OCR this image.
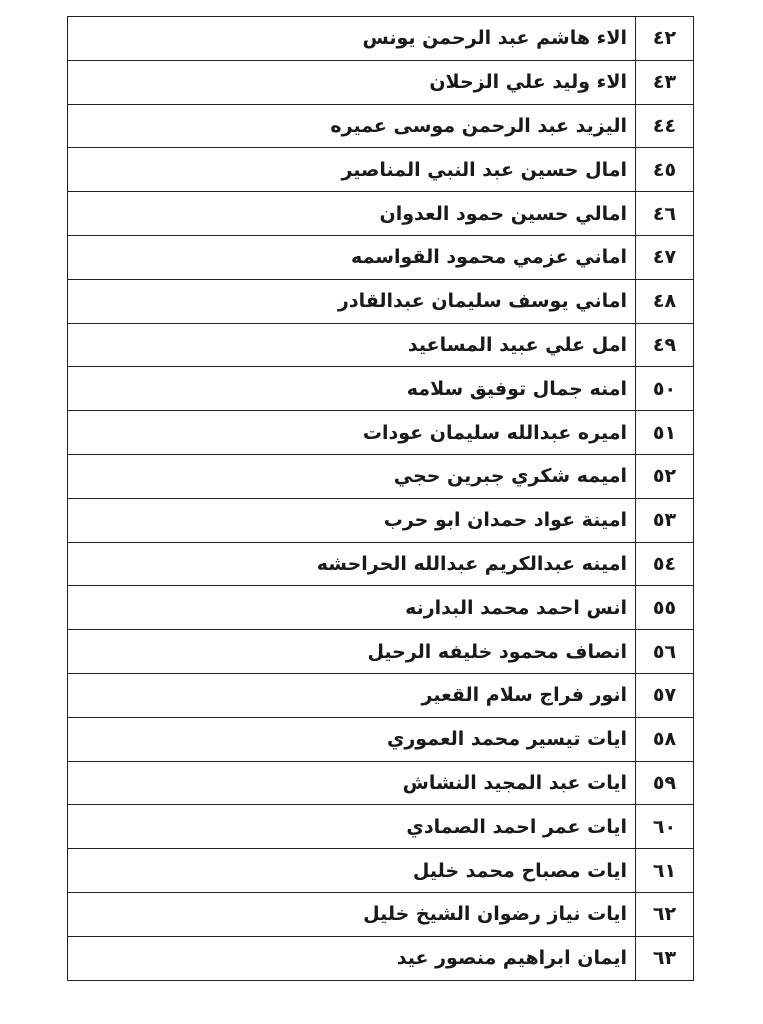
الاء هاشم عبد الرحمن يونس	٤٢
الاء وليد علي الزحلان	٤٣
اليزيد عبد الرحمن موسى عميره	٤٤
امال حسين عبد النبي المناصير	٤٥
امالي حسين حمود العدوان	٤٦
اماني عزمي محمود القواسمه	٤٧
اماني يوسف سليمان عبدالقادر	٤٨
امل علي عبيد المساعيد	٤٩
امنه جمال توفيق سلامه	٥٠
اميره عبدالله سليمان عودات	٥١
اميمه شكري جبرين حجي	٥٢
امينة عواد حمدان ابو حرب	٥٣
امينه عبدالكريم عبدالله الحراحشه	٥٤
انس احمد محمد البدارنه	٥٥
انصاف محمود خليفه الرحيل	٥٦
انور فراج سلام القعير	٥٧
ايات تيسير محمد العموري	٥٨
ايات عبد المجيد النشاش	٥٩
ايات عمر احمد الصمادي	٦٠
ايات مصباح محمد خليل	٦١
ايات نياز رضوان الشيخ خليل	٦٢
ايمان ابراهيم منصور عيد	٦٣
